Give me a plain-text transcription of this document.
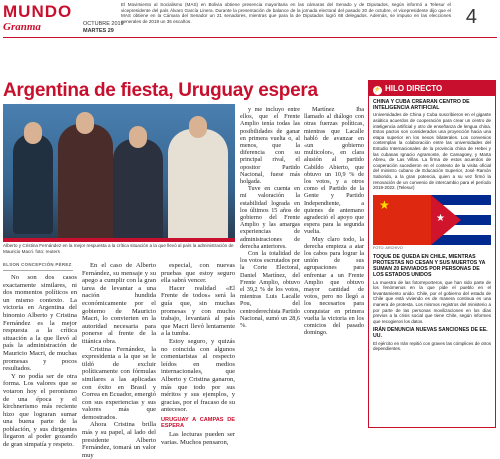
MUNDO
Granma	OCTUBRE 2019
MARTES 29
El Movimiento al Socialismo (MAS) en Bolivia obtiene presencia mayoritaria en las cámaras del Senado y de Diputados, según informó a Telesur el vicepresidente del país Álvaro García Linera. Durante la presentación de balance de la jornada electoral del pasado 20 de octubre, el vicepresidente dijo que el MAS obtiene en la Cámara del Senador un 21 senadores, mientras que para la de Diputados logró 68 delegados. Además, se impuso en las elecciones generales de 2019 un 35 escaños.	4
Argentina de fiesta, Uruguay espera
Alberto y Cristina Fernández en la mejor respuesta a la crítica situación a la que llevó al país la administración de Mauricio Macri. foto: reuters
ELSON CONCEPCIÓN PÉREZ

No son dos casos exactamente similares, ni dos momentos políticos en un mismo contexto. La victoria en Argentina del binomio Alberto y Cristina Fernández es la mejor respuesta a la crítica situación a la que llevó al país la administración de Mauricio Macri, de muchas promesas y pocos resultados.

Y no podía ser de otra forma. Los valores que se votaron hoy el peronismo de una época y el kirchnerismo más reciente hizo que lograran sumar una buena parte de la población, y sus dirigentes llegaron al poder gozando de gran simpatía y respeto.

En el caso de Alberto Fernández, su mensaje y su apego a cumplir con la gran tarea de levantar a una nación hundida económicamente por el gobierno de Mauricio Macri, lo convierten en la autoridad necesaria para ponerse al frente de la titánica obra.

Cristina Fernández, la expresidenta a la que se le tildó de excluir políticamente con fórmulas similares a las aplicadas con éxito en Brasil y Correa en Ecuador, emergió con sus experiencias y sus valores más que demostrados.

Ahora Cristina brilla más y su papel, al lado del presidente Alberto Fernández, tomará un valor muy

especial, con nuevas pruebas que estoy seguro ella sabrá vencer.

Hacer realidad «El Frente de todos» será la guía que, sin muchas promesas y con mucho trabajo, levantará al país que Macri llevó lentamente a la tumba.

Estoy seguro, y quizás no coincida con algunos comentaristas al respecto leídos en medios internacionales, que Alberto y Cristina ganaron, más que todo por sus méritos y sus ejemplos, y gracias, por el fracaso de su antecesor.

URUGUAY A CAMPAS DE ESPERA

Las lecturas pueden ser varias. Muchos pensaron,

y me incluyo entre ellos, que el Frente Amplio tenía todas las posibilidades de ganar en primera vuelta o, al menos, que la diferencia con su principal rival, el opositor Partido Nacional, fuese más holgada.

Tuve en cuenta en mi valoración la estabilidad lograda en los últimos 15 años de gobierno del Frente Amplio y las amargas experiencias de administraciones de derecha anteriores.

Con la totalidad de los votos escrutados por la Corte Electoral, Daniel Martínez, del Frente Amplio, obtuvo el 39,2 % de los votos, mientras Luis Lacalle Pou, del centroderechista Partido Nacional, sumó un 28,6 %.

Martínez Iba llamado al diálogo con otras fuerzas políticas, mientras que Lacalle habló de avanzar en «un gobierno multicolor», en clara alusión al partido Cabildo Abierto, que obtuvo un 10,9 % de los votos, y a otros como el Partido de la Gente y Partido Independiente, a quienes de antemano agradeció el apoyo que espera para la segunda vuelta.

Muy claro todo, la derecha empieza a atar los cabos para lograr la unión de sus agrupaciones para enfrentar a un Frente Amplio que obtuvo mayor cantidad de votos, pero no llegó a los necesarios para conquistar en primera vuelta la victoria en los comicios del pasado domingo.

⚡ HILO DIRECTO
CHINA Y CUBA CREARAN CENTRO DE INTELIGENCIA ARTIFICIAL
Universidades de China y Cuba suscribieron en el gigante asiático acuerdos de cooperación para crear un centro de inteligencia artificial y otro de enseñanza de lengua china. Estos pactos son considerados una proyección hacia una etapa superior en los nexos bilaterales. Los convenios contemplan la colaboración entre las universidades del Estudio Internacionales de la provincia china de Hebei y las cubanas Ignacio Agramonte, de Camagüey, y Marta Abreu, de Las Villas. La firma de estos acuerdos de cooperación sucedieron en el contexto de la visita oficial del ministro cubano de Educación Superior, José Ramón Saborido, a la gran potencia, quien a su vez firmó la renovación de un convenio de intercambio para el período 2019-2022. (Telesur)
★
★
FOTO: ARCHIVO
TOQUE DE QUEDA EN CHILE, MIENTRAS PROTESTAS NO CESAN Y SUS MUERTOS YA SUMAN 20 ENVIADOS POR PERSONAS DE LOS ESTADOS UNIDOS
La muestra de las fotorreporteros, que han sido parte de los fenómenos en la que pide el pueblo en el levantamiento unido. Chile, por el gobierno del estado de Chile que está viviendo es de manera continua es una manera de protesta. Los mismos registros del ministerio a por parte de las personas movilizaciones en los días previos a la crisis social que tiene Chile, según informes que recogieron los datos.
IRÁN DENUNCIA NUEVAS SANCIONES DE EE. UU.
El ejército en Irán repitió con graves las cómplices de otros dependientes.
